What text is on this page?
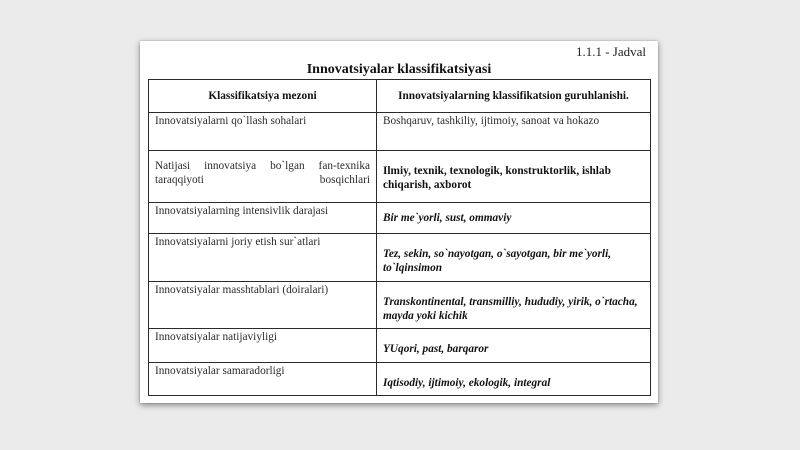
1.1.1 - Jadval
Innovatsiyalar klassifikatsiyasi
Klassifikatsiya mezoni	Innovatsiyalarning klassifikatsion guruhlanishi.
Innovatsiyalarni qo`llash sohalari	Boshqaruv, tashkiliy, ijtimoiy, sanoat va hokazo

Natijasi innovatsiya bo`lgan fan-texnika taraqqiyoti bosqichlari	Ilmiy, texnik, texnologik, konstruktorlik, ishlab chiqarish, axborot

Innovatsiyalarning intensivlik darajasi	Bir me`yorli, sust, ommaviy

Innovatsiyalarni joriy etish sur`atlari	Tez, sekin, so`nayotgan, o`sayotgan, bir me`yorli, to`lqinsimon

Innovatsiyalar masshtablari (doiralari)	Transkontinental, transmilliy, hududiy, yirik, o`rtacha, mayda yoki kichik

Innovatsiyalar natijaviyligi	YUqori, past, barqaror

Innovatsiyalar samaradorligi	Iqtisodiy, ijtimoiy, ekologik, integral
